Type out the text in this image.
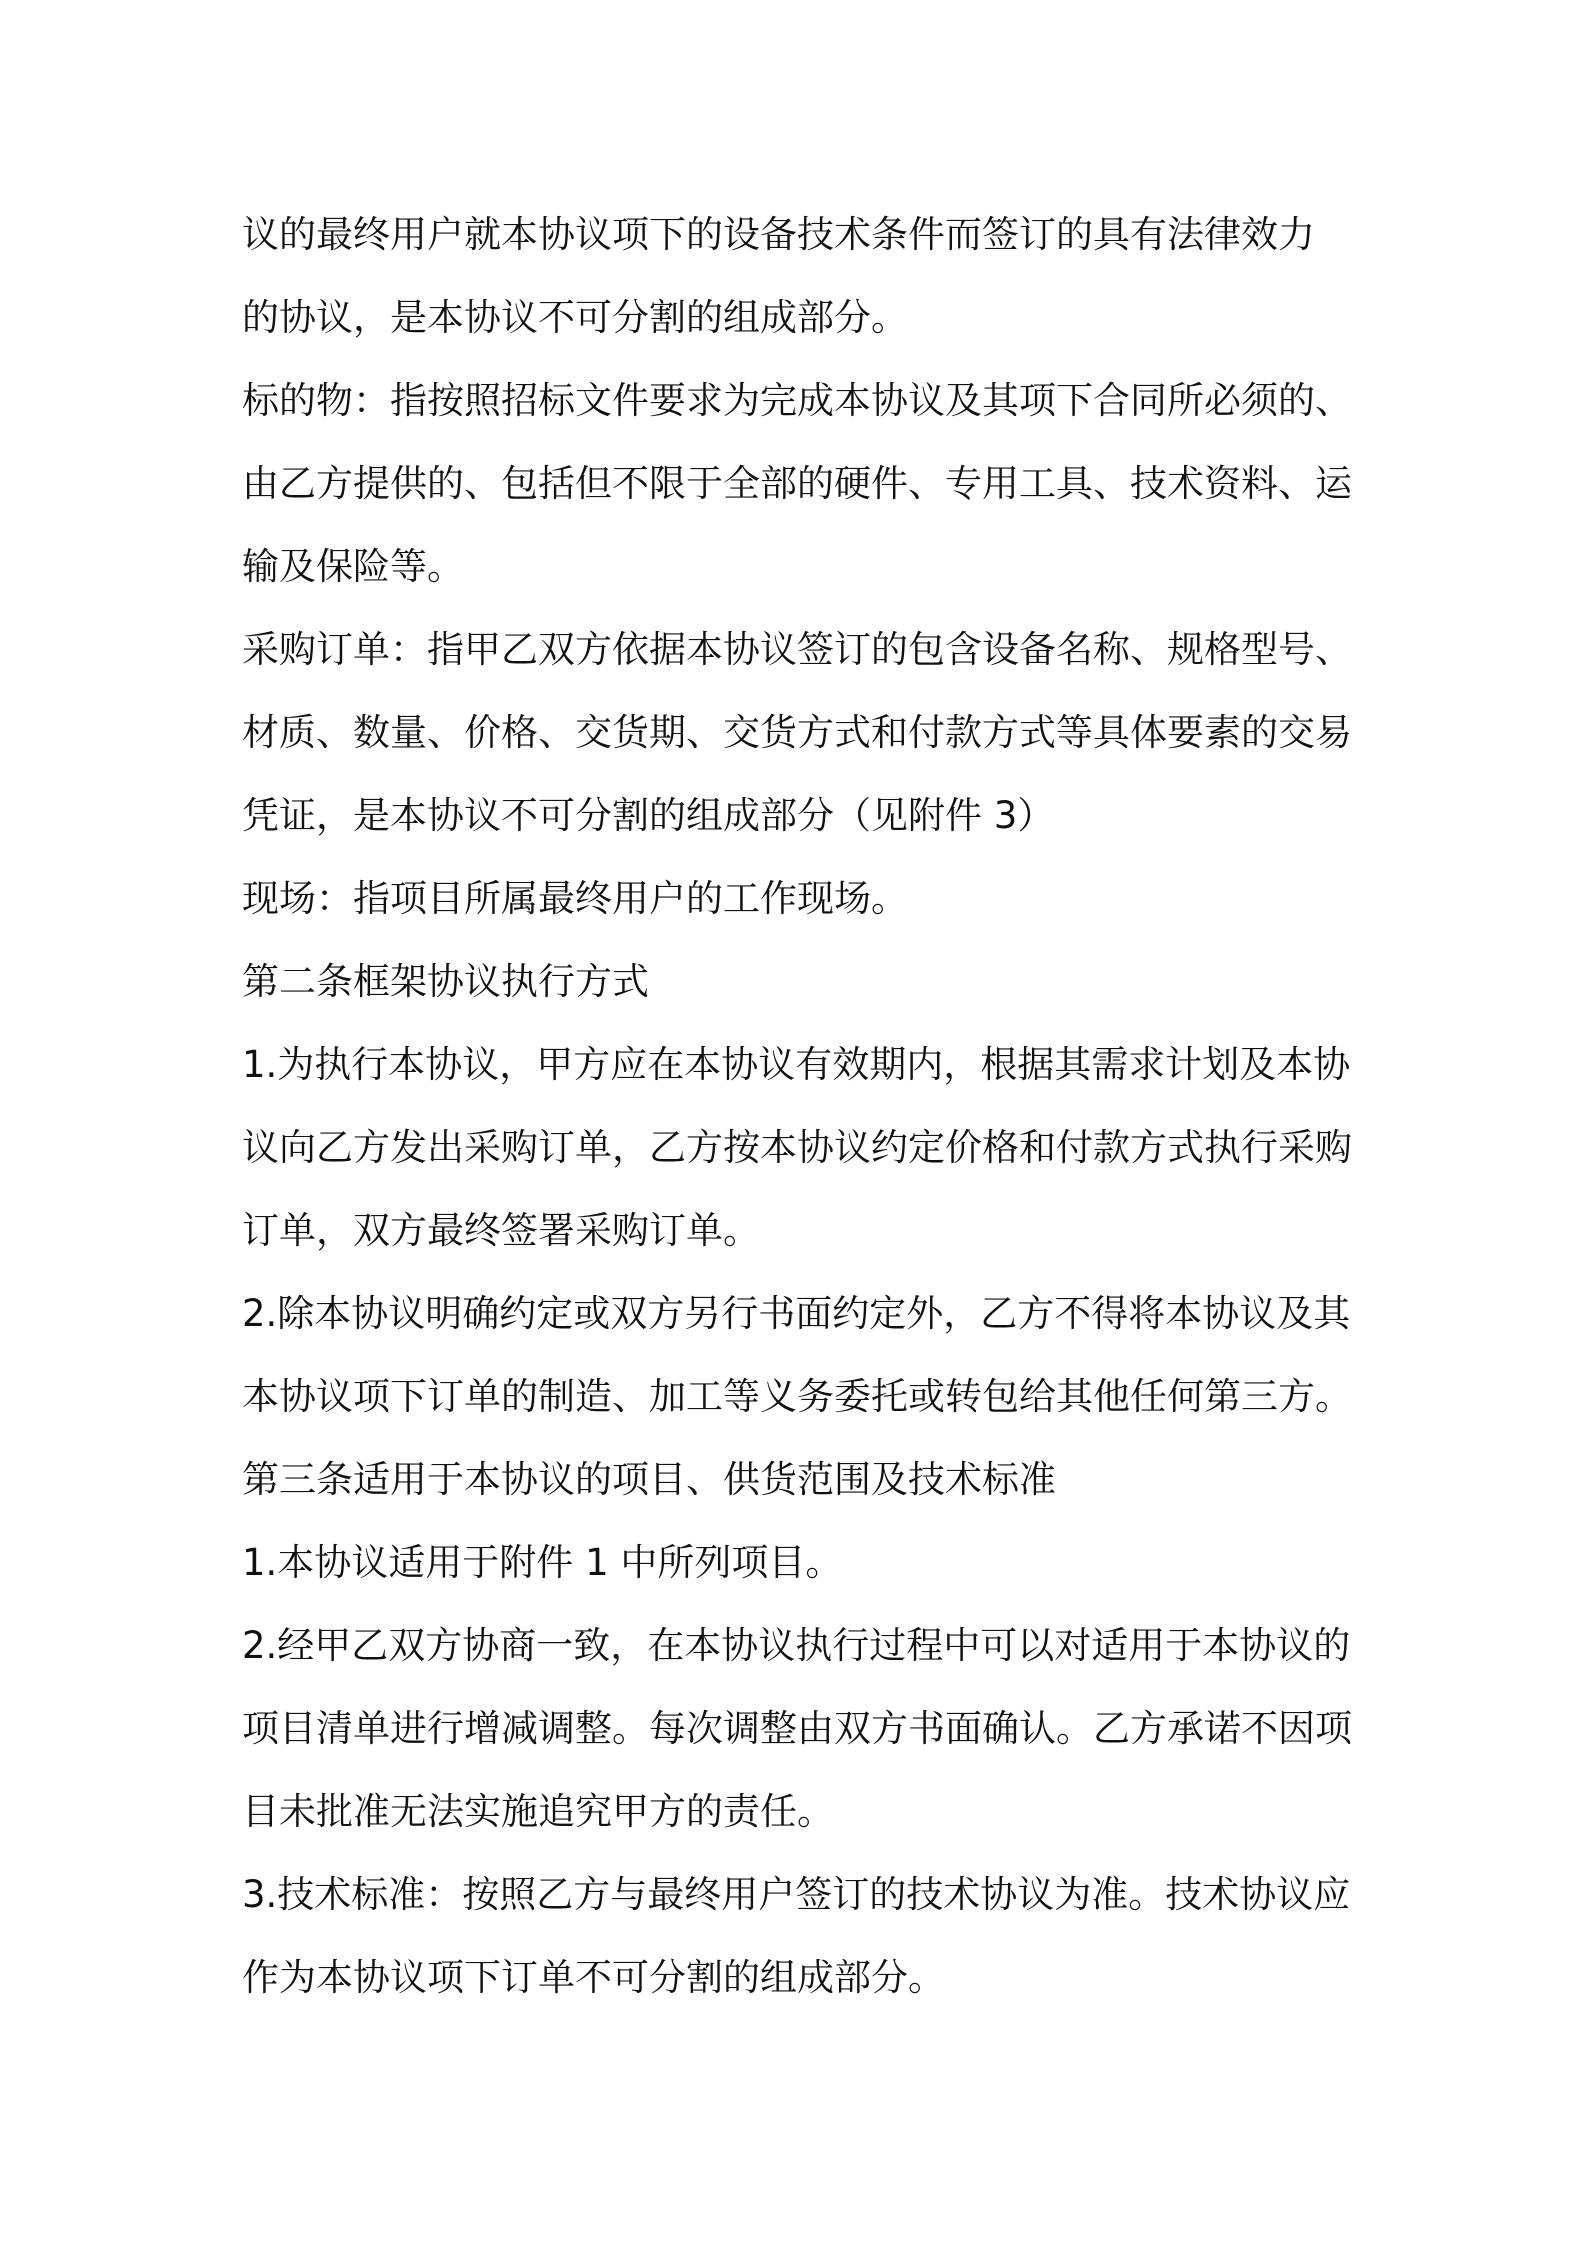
议的最终用户就本协议项下的设备技术条件而签订的具有法律效力
的协议，是本协议不可分割的组成部分。
标的物：指按照招标文件要求为完成本协议及其项下合同所必须的、
由乙方提供的、包括但不限于全部的硬件、专用工具、技术资料、运
输及保险等。
采购订单：指甲乙双方依据本协议签订的包含设备名称、规格型号、
材质、数量、价格、交货期、交货方式和付款方式等具体要素的交易
凭证，是本协议不可分割的组成部分（见附件 3）
现场：指项目所属最终用户的工作现场。
第二条框架协议执行方式
1.为执行本协议，甲方应在本协议有效期内，根据其需求计划及本协
议向乙方发出采购订单，乙方按本协议约定价格和付款方式执行采购
订单，双方最终签署采购订单。
2.除本协议明确约定或双方另行书面约定外，乙方不得将本协议及其
本协议项下订单的制造、加工等义务委托或转包给其他任何第三方。
第三条适用于本协议的项目、供货范围及技术标准
1.本协议适用于附件 1 中所列项目。
2.经甲乙双方协商一致，在本协议执行过程中可以对适用于本协议的
项目清单进行增减调整。每次调整由双方书面确认。乙方承诺不因项
目未批准无法实施追究甲方的责任。
3.技术标准：按照乙方与最终用户签订的技术协议为准。技术协议应
作为本协议项下订单不可分割的组成部分。
